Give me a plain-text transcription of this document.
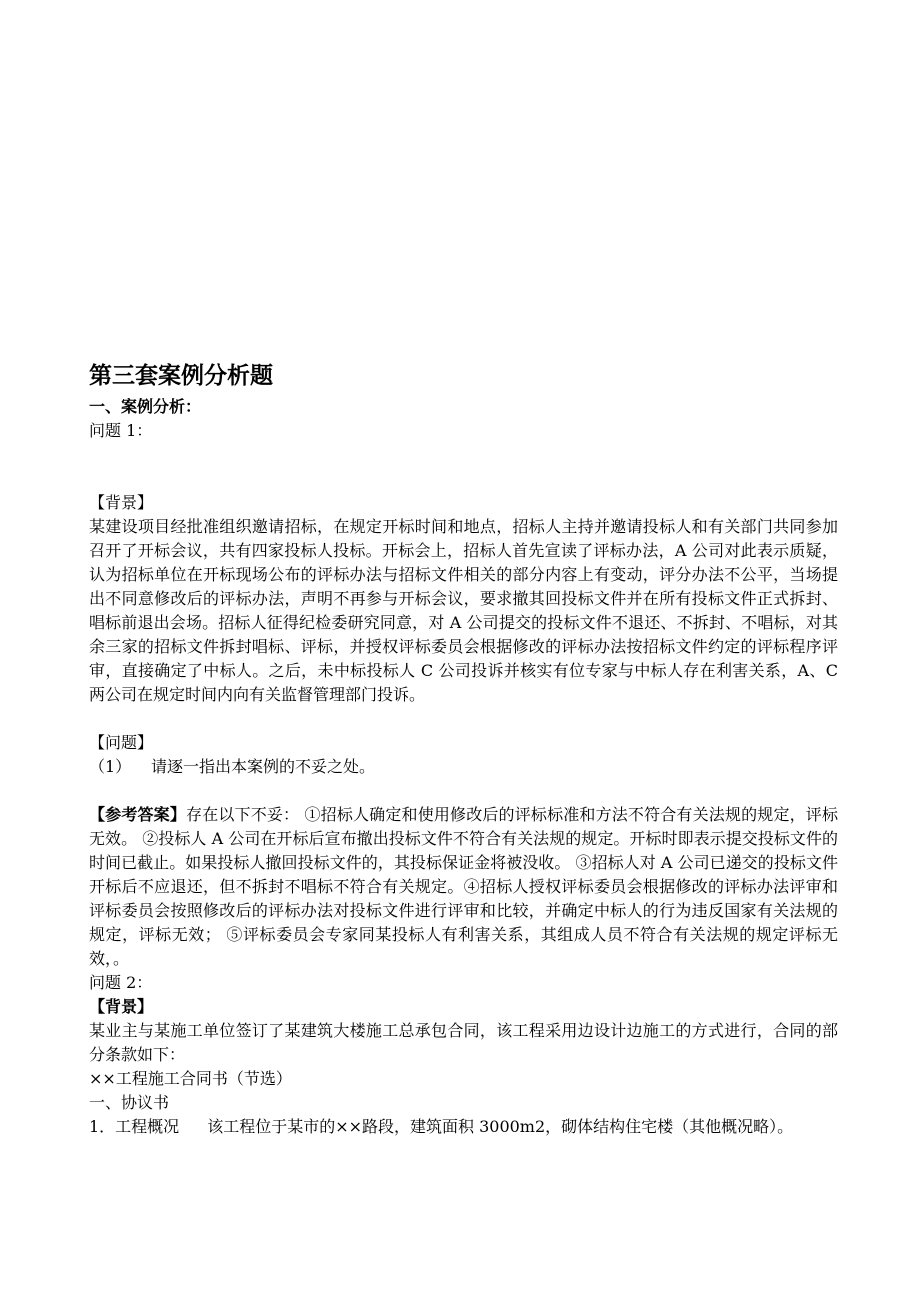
第三套案例分析题

一、案例分析：

问题 1：

【背景】

某建设项目经批准组织邀请招标，在规定开标时间和地点，招标人主持并邀请投标人和有关部门共同参加召开了开标会议，共有四家投标人投标。开标会上，招标人首先宣读了评标办法，A 公司对此表示质疑，认为招标单位在开标现场公布的评标办法与招标文件相关的部分内容上有变动，评分办法不公平，当场提出不同意修改后的评标办法，声明不再参与开标会议，要求撤其回投标文件并在所有投标文件正式拆封、唱标前退出会场。招标人征得纪检委研究同意，对 A 公司提交的投标文件不退还、不拆封、不唱标，对其余三家的招标文件拆封唱标、评标，并授权评标委员会根据修改的评标办法按招标文件约定的评标程序评审，直接确定了中标人。之后，未中标投标人 C 公司投诉并核实有位专家与中标人存在利害关系，A、C 两公司在规定时间内向有关监督管理部门投诉。

【问题】

（1） 请逐一指出本案例的不妥之处。

【参考答案】存在以下不妥： ①招标人确定和使用修改后的评标标准和方法不符合有关法规的规定，评标无效。 ②投标人 A 公司在开标后宣布撤出投标文件不符合有关法规的规定。开标时即表示提交投标文件的时间已截止。如果投标人撤回投标文件的，其投标保证金将被没收。 ③招标人对 A 公司已递交的投标文件开标后不应退还，但不拆封不唱标不符合有关规定。④招标人授权评标委员会根据修改的评标办法评审和评标委员会按照修改后的评标办法对投标文件进行评审和比较，并确定中标人的行为违反国家有关法规的规定，评标无效； ⑤评标委员会专家同某投标人有利害关系，其组成人员不符合有关法规的规定评标无效，。

问题 2：

【背景】

某业主与某施工单位签订了某建筑大楼施工总承包合同，该工程采用边设计边施工的方式进行，合同的部分条款如下：

××工程施工合同书（节选）

一、协议书

1．工程概况 该工程位于某市的××路段，建筑面积 3000m2，砌体结构住宅楼（其他概况略）。
